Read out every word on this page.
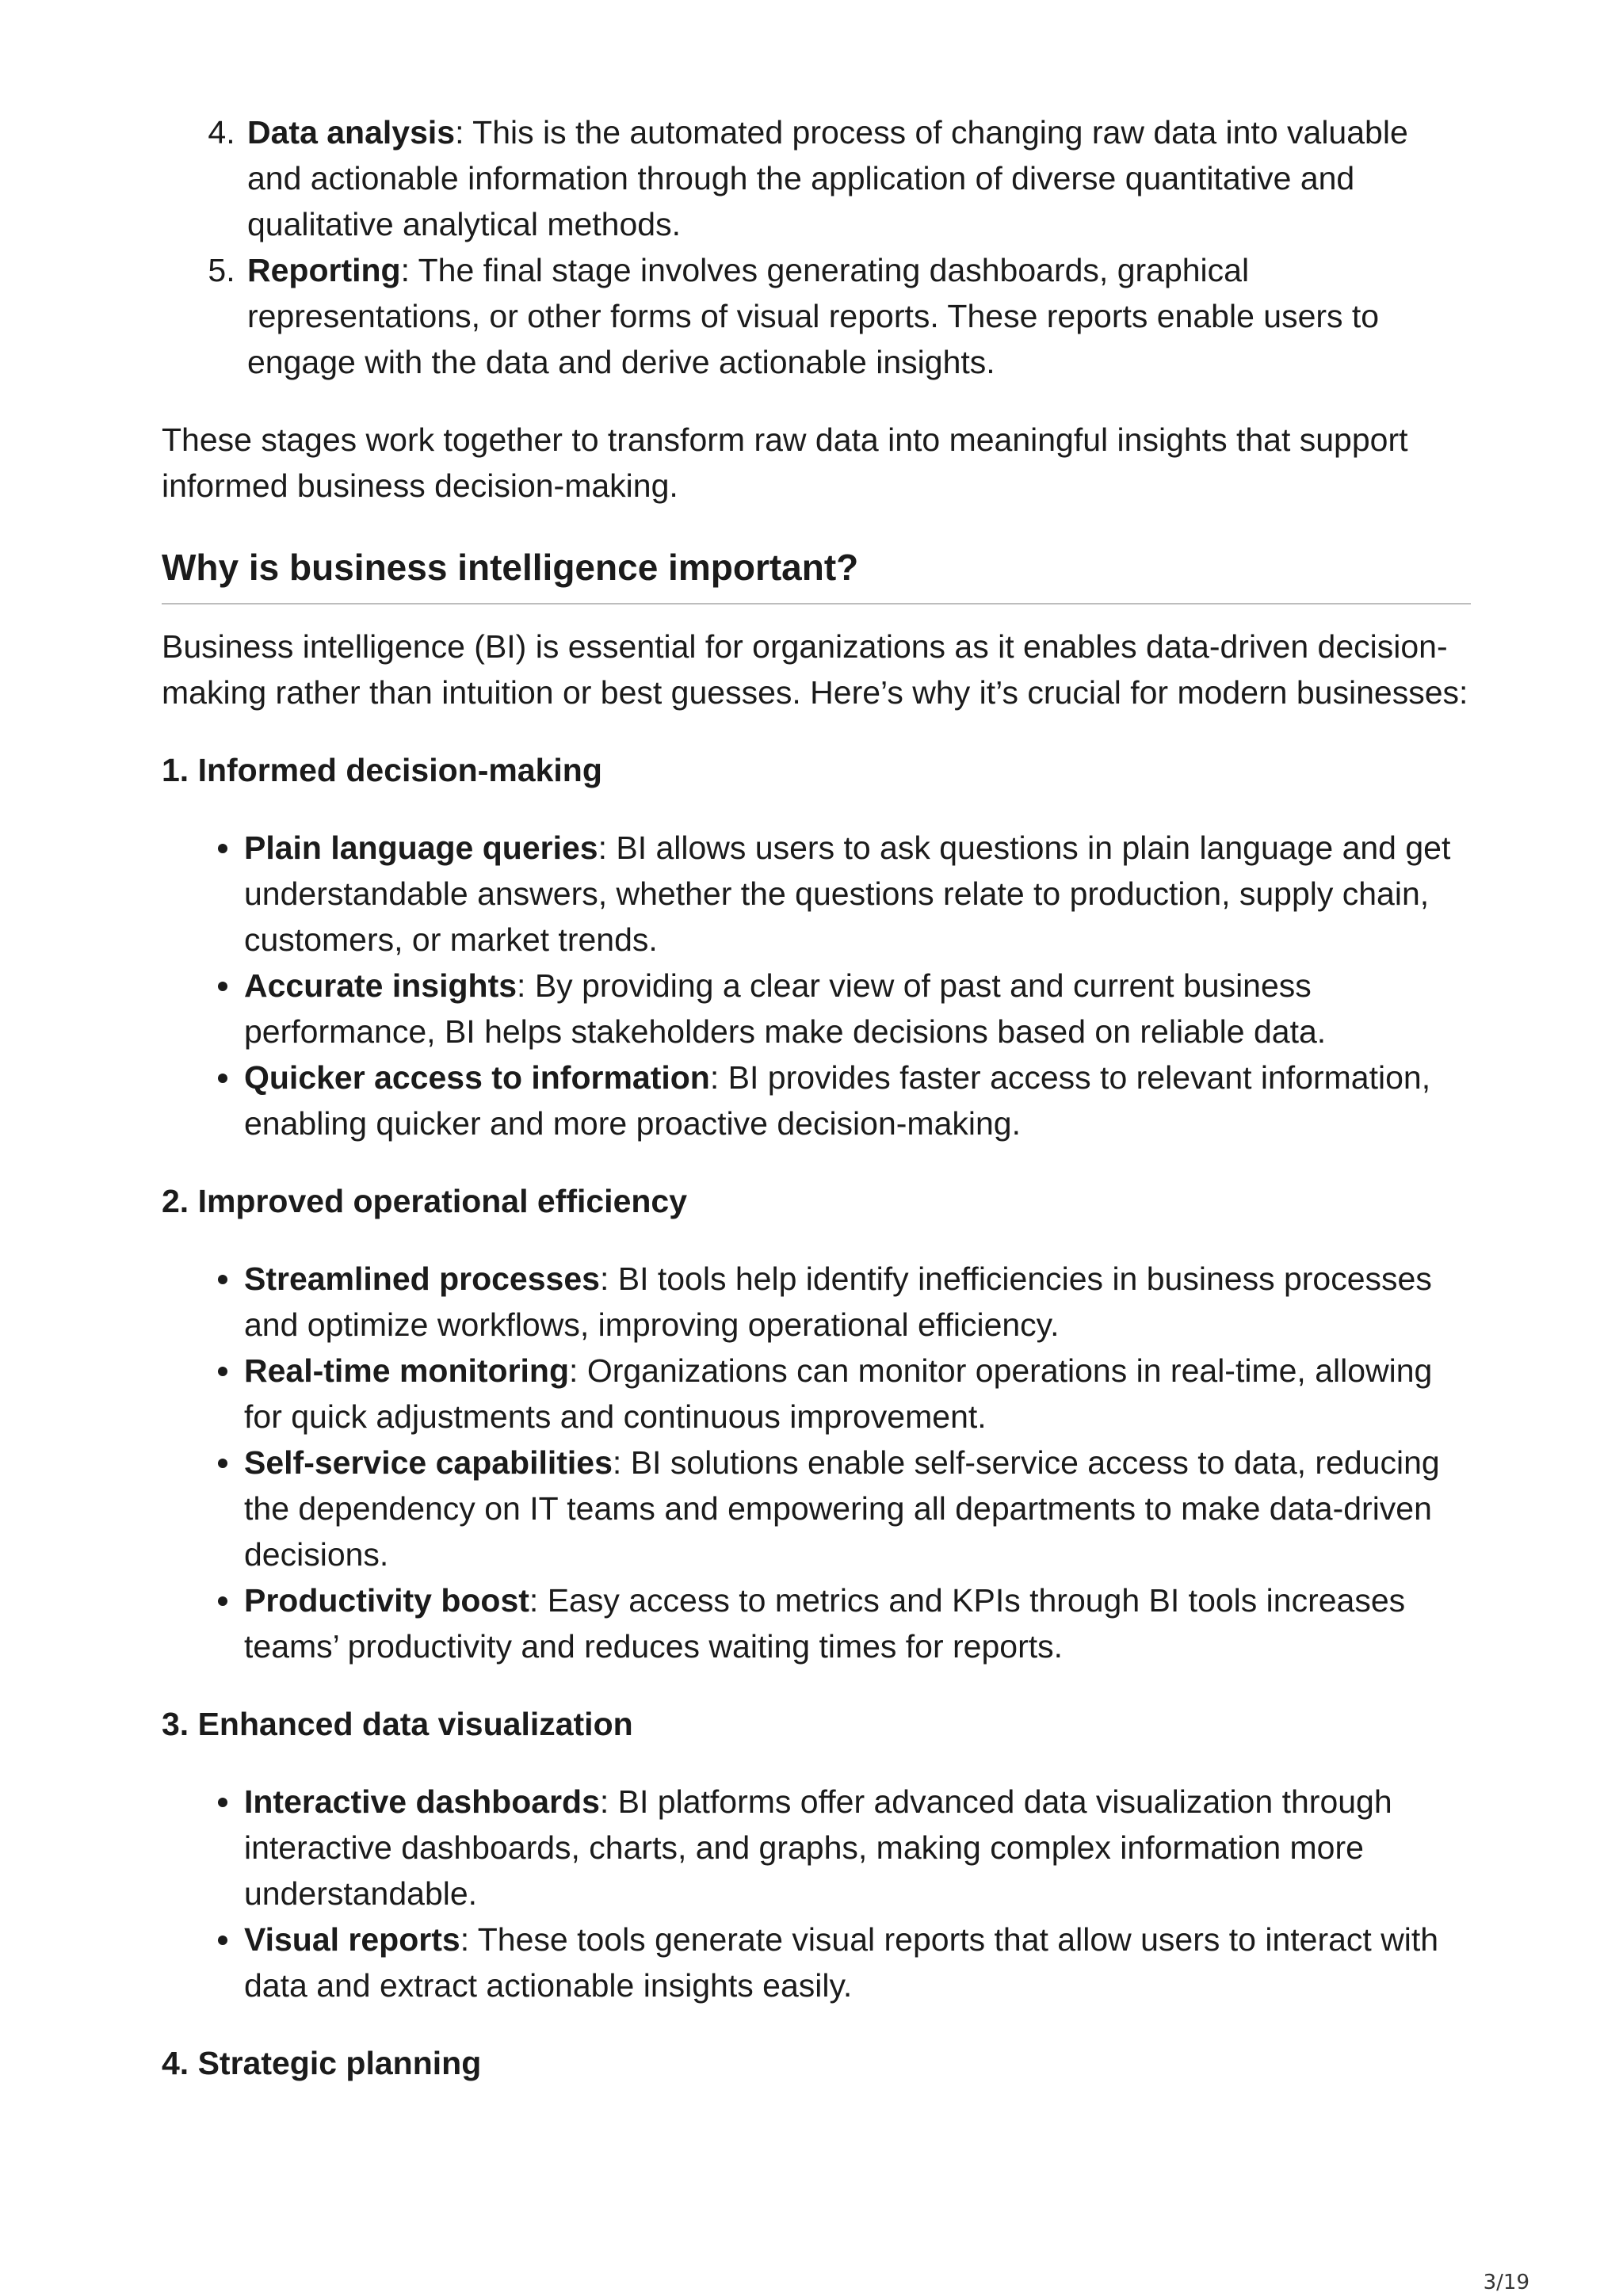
4. Data analysis: This is the automated process of changing raw data into valuable and actionable information through the application of diverse quantitative and qualitative analytical methods.
5. Reporting: The final stage involves generating dashboards, graphical representations, or other forms of visual reports. These reports enable users to engage with the data and derive actionable insights.

These stages work together to transform raw data into meaningful insights that support informed business decision-making.

Why is business intelligence important?

Business intelligence (BI) is essential for organizations as it enables data-driven decision-making rather than intuition or best guesses. Here’s why it’s crucial for modern businesses:

1. Informed decision-making
Plain language queries: BI allows users to ask questions in plain language and get understandable answers, whether the questions relate to production, supply chain, customers, or market trends.
Accurate insights: By providing a clear view of past and current business performance, BI helps stakeholders make decisions based on reliable data.
Quicker access to information: BI provides faster access to relevant information, enabling quicker and more proactive decision-making.
2. Improved operational efficiency
Streamlined processes: BI tools help identify inefficiencies in business processes and optimize workflows, improving operational efficiency.
Real-time monitoring: Organizations can monitor operations in real-time, allowing for quick adjustments and continuous improvement.
Self-service capabilities: BI solutions enable self-service access to data, reducing the dependency on IT teams and empowering all departments to make data-driven decisions.
Productivity boost: Easy access to metrics and KPIs through BI tools increases teams’ productivity and reduces waiting times for reports.
3. Enhanced data visualization
Interactive dashboards: BI platforms offer advanced data visualization through interactive dashboards, charts, and graphs, making complex information more understandable.
Visual reports: These tools generate visual reports that allow users to interact with data and extract actionable insights easily.
4. Strategic planning
3/19
